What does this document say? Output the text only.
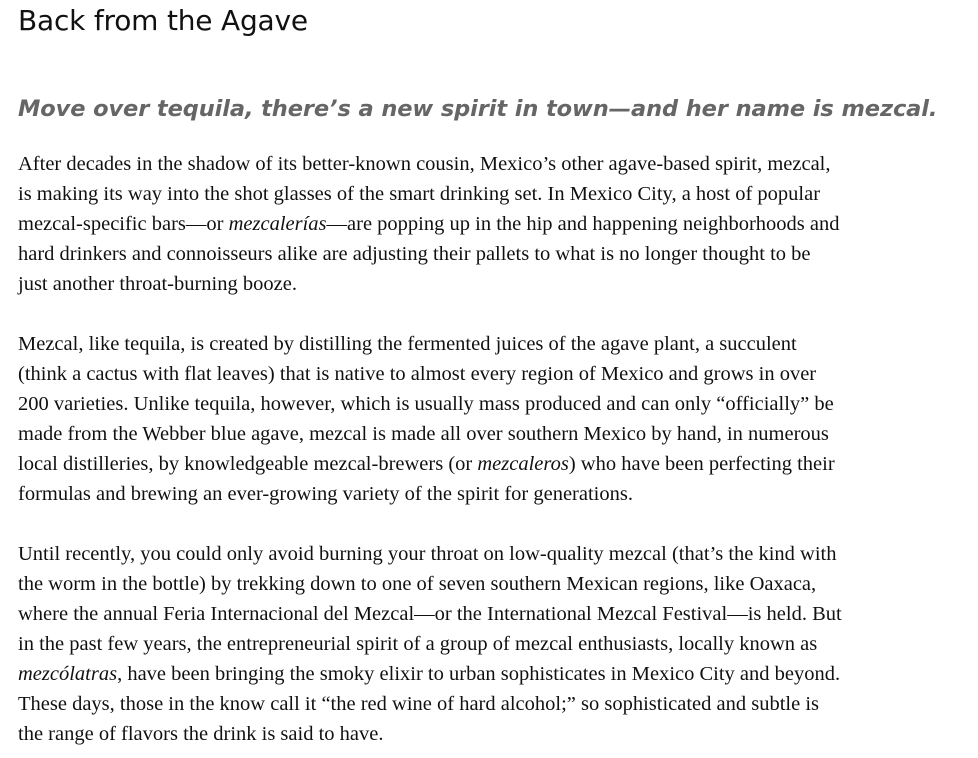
Back from the Agave
Move over tequila, there’s a new spirit in town—and her name is mezcal.

After decades in the shadow of its better-known cousin, Mexico’s other agave-based spirit, mezcal,
is making its way into the shot glasses of the smart drinking set. In Mexico City, a host of popular
mezcal-specific bars—or mezcalerías—are popping up in the hip and happening neighborhoods and
hard drinkers and connoisseurs alike are adjusting their pallets to what is no longer thought to be
just another throat-burning booze.

Mezcal, like tequila, is created by distilling the fermented juices of the agave plant, a succulent
(think a cactus with flat leaves) that is native to almost every region of Mexico and grows in over
200 varieties. Unlike tequila, however, which is usually mass produced and can only “officially” be
made from the Webber blue agave, mezcal is made all over southern Mexico by hand, in numerous
local distilleries, by knowledgeable mezcal-brewers (or mezcaleros) who have been perfecting their
formulas and brewing an ever-growing variety of the spirit for generations.

Until recently, you could only avoid burning your throat on low-quality mezcal (that’s the kind with
the worm in the bottle) by trekking down to one of seven southern Mexican regions, like Oaxaca,
where the annual Feria Internacional del Mezcal—or the International Mezcal Festival—is held. But
in the past few years, the entrepreneurial spirit of a group of mezcal enthusiasts, locally known as
mezcólatras, have been bringing the smoky elixir to urban sophisticates in Mexico City and beyond.
These days, those in the know call it “the red wine of hard alcohol;” so sophisticated and subtle is
the range of flavors the drink is said to have.
